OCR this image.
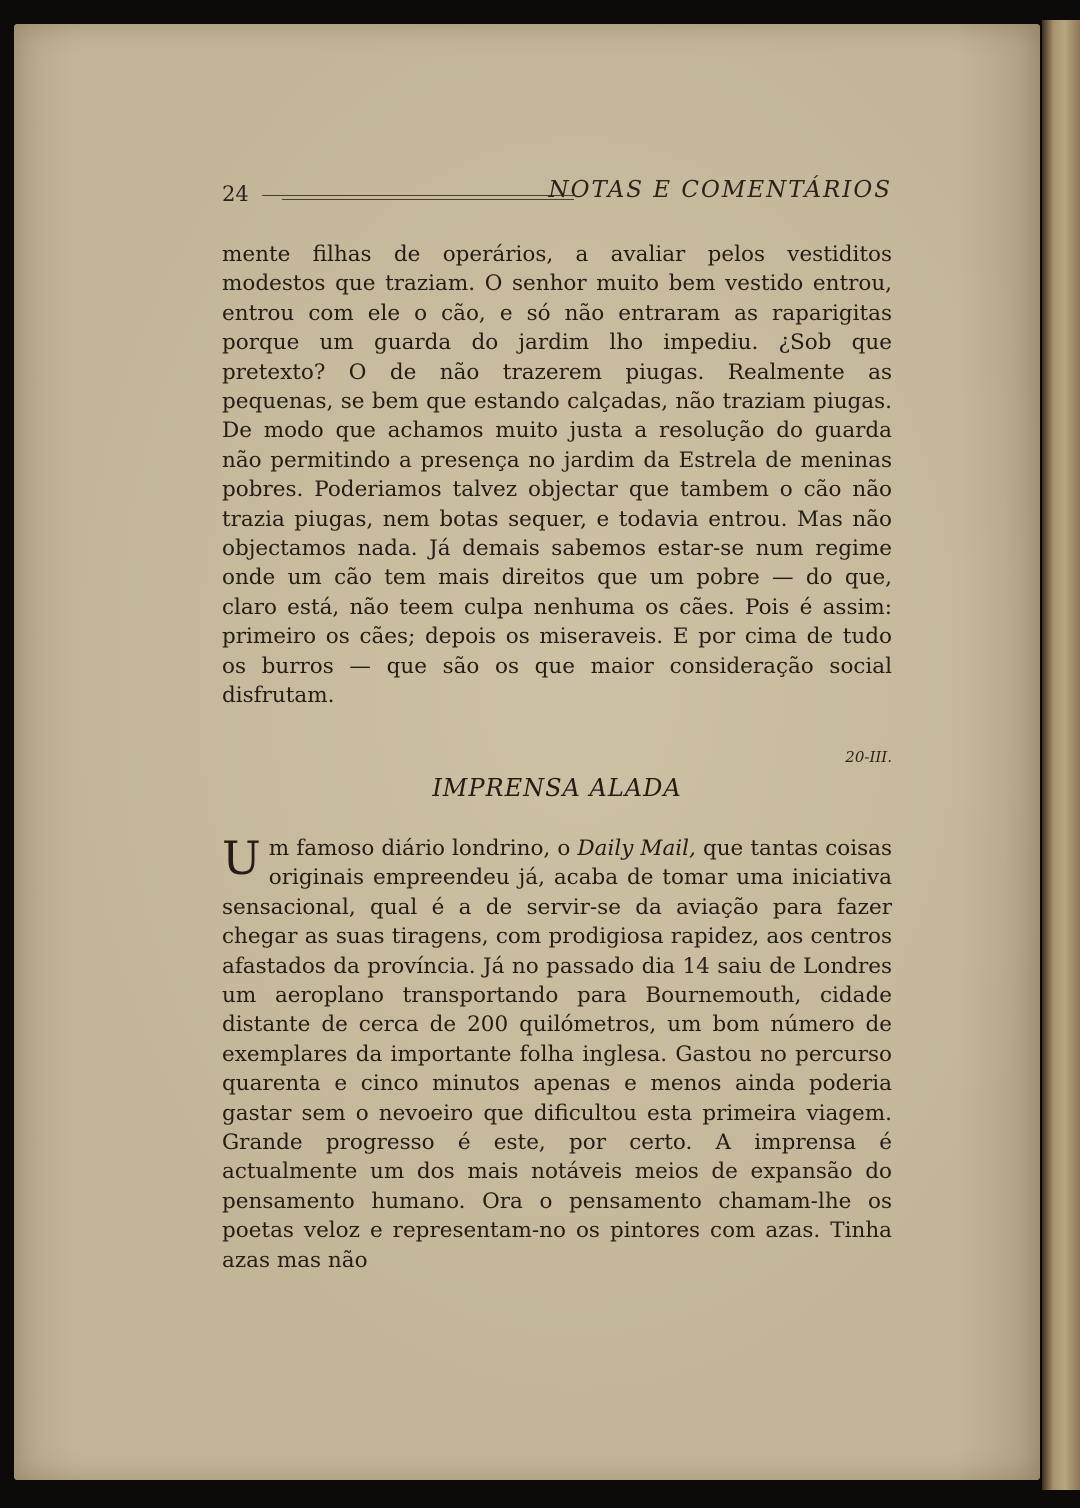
24	NOTAS E COMENTÁRIOS

mente filhas de operários, a avaliar pelos vestiditos modestos que traziam. O senhor muito bem vestido entrou, entrou com ele o cão, e só não entraram as raparigitas porque um guarda do jardim lho impediu. ¿Sob que pretexto? O de não trazerem piugas. Realmente as pequenas, se bem que estando calçadas, não traziam piugas. De modo que achamos muito justa a resolução do guarda não permitindo a presença no jardim da Estrela de meninas pobres. Poderiamos talvez objectar que tambem o cão não trazia piugas, nem botas sequer, e todavia entrou. Mas não objectamos nada. Já demais sabemos estar-se num regime onde um cão tem mais direitos que um pobre — do que, claro está, não teem culpa nenhuma os cães. Pois é assim: primeiro os cães; depois os miseraveis. E por cima de tudo os burros — que são os que maior consideração social disfrutam.

20-III.
IMPRENSA ALADA

Um famoso diário londrino, o Daily Mail, que tantas coisas originais empreendeu já, acaba de tomar uma iniciativa sensacional, qual é a de servir-se da aviação para fazer chegar as suas tiragens, com prodigiosa rapidez, aos centros afastados da província. Já no passado dia 14 saiu de Londres um aeroplano transportando para Bournemouth, cidade distante de cerca de 200 quilómetros, um bom número de exemplares da importante folha inglesa. Gastou no percurso quarenta e cinco minutos apenas e menos ainda poderia gastar sem o nevoeiro que dificultou esta primeira viagem. Grande progresso é este, por certo. A imprensa é actualmente um dos mais notáveis meios de expansão do pensamento humano. Ora o pensamento chamam-lhe os poetas veloz e representam-no os pintores com azas. Tinha azas mas não
